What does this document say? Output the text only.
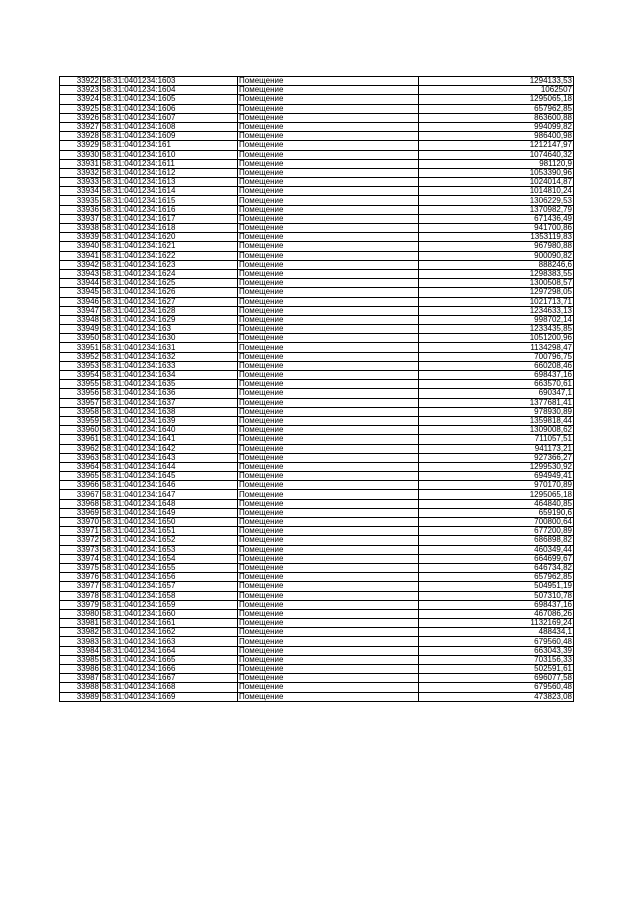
33922	58:31:0401234:1603	Помещение	1294133,53
33923	58:31:0401234:1604	Помещение	1062507
33924	58:31:0401234:1605	Помещение	1295065,18
33925	58:31:0401234:1606	Помещение	657962,85
33926	58:31:0401234:1607	Помещение	863600,88
33927	58:31:0401234:1608	Помещение	994099,82
33928	58:31:0401234:1609	Помещение	986400,98
33929	58:31:0401234:161	Помещение	1212147,97
33930	58:31:0401234:1610	Помещение	1074640,32
33931	58:31:0401234:1611	Помещение	981120,9
33932	58:31:0401234:1612	Помещение	1053390,96
33933	58:31:0401234:1613	Помещение	1024014,87
33934	58:31:0401234:1614	Помещение	1014810,24
33935	58:31:0401234:1615	Помещение	1306229,53
33936	58:31:0401234:1616	Помещение	1370982,79
33937	58:31:0401234:1617	Помещение	671436,49
33938	58:31:0401234:1618	Помещение	941700,86
33939	58:31:0401234:1620	Помещение	1353119,83
33940	58:31:0401234:1621	Помещение	967980,88
33941	58:31:0401234:1622	Помещение	900090,82
33942	58:31:0401234:1623	Помещение	888246,6
33943	58:31:0401234:1624	Помещение	1298383,55
33944	58:31:0401234:1625	Помещение	1300508,57
33945	58:31:0401234:1626	Помещение	1297298,05
33946	58:31:0401234:1627	Помещение	1021713,71
33947	58:31:0401234:1628	Помещение	1234633,13
33948	58:31:0401234:1629	Помещение	998702,14
33949	58:31:0401234:163	Помещение	1233435,85
33950	58:31:0401234:1630	Помещение	1051200,96
33951	58:31:0401234:1631	Помещение	1134298,47
33952	58:31:0401234:1632	Помещение	700796,75
33953	58:31:0401234:1633	Помещение	660208,46
33954	58:31:0401234:1634	Помещение	698437,16
33955	58:31:0401234:1635	Помещение	663570,61
33956	58:31:0401234:1636	Помещение	690347,1
33957	58:31:0401234:1637	Помещение	1377681,41
33958	58:31:0401234:1638	Помещение	978930,89
33959	58:31:0401234:1639	Помещение	1359818,44
33960	58:31:0401234:1640	Помещение	1309008,62
33961	58:31:0401234:1641	Помещение	711057,51
33962	58:31:0401234:1642	Помещение	941173,21
33963	58:31:0401234:1643	Помещение	927366,27
33964	58:31:0401234:1644	Помещение	1299530,92
33965	58:31:0401234:1645	Помещение	694949,41
33966	58:31:0401234:1646	Помещение	970170,89
33967	58:31:0401234:1647	Помещение	1295065,18
33968	58:31:0401234:1648	Помещение	464840,85
33969	58:31:0401234:1649	Помещение	659190,6
33970	58:31:0401234:1650	Помещение	700800,64
33971	58:31:0401234:1651	Помещение	677200,89
33972	58:31:0401234:1652	Помещение	686898,82
33973	58:31:0401234:1653	Помещение	460349,44
33974	58:31:0401234:1654	Помещение	664699,67
33975	58:31:0401234:1655	Помещение	646734,82
33976	58:31:0401234:1656	Помещение	657962,85
33977	58:31:0401234:1657	Помещение	504951,19
33978	58:31:0401234:1658	Помещение	507310,78
33979	58:31:0401234:1659	Помещение	698437,16
33980	58:31:0401234:1660	Помещение	467086,26
33981	58:31:0401234:1661	Помещение	1132169,24
33982	58:31:0401234:1662	Помещение	488434,1
33983	58:31:0401234:1663	Помещение	679560,48
33984	58:31:0401234:1664	Помещение	663043,39
33985	58:31:0401234:1665	Помещение	703156,33
33986	58:31:0401234:1666	Помещение	502591,61
33987	58:31:0401234:1667	Помещение	696077,58
33988	58:31:0401234:1668	Помещение	679560,48
33989	58:31:0401234:1669	Помещение	473823,08
